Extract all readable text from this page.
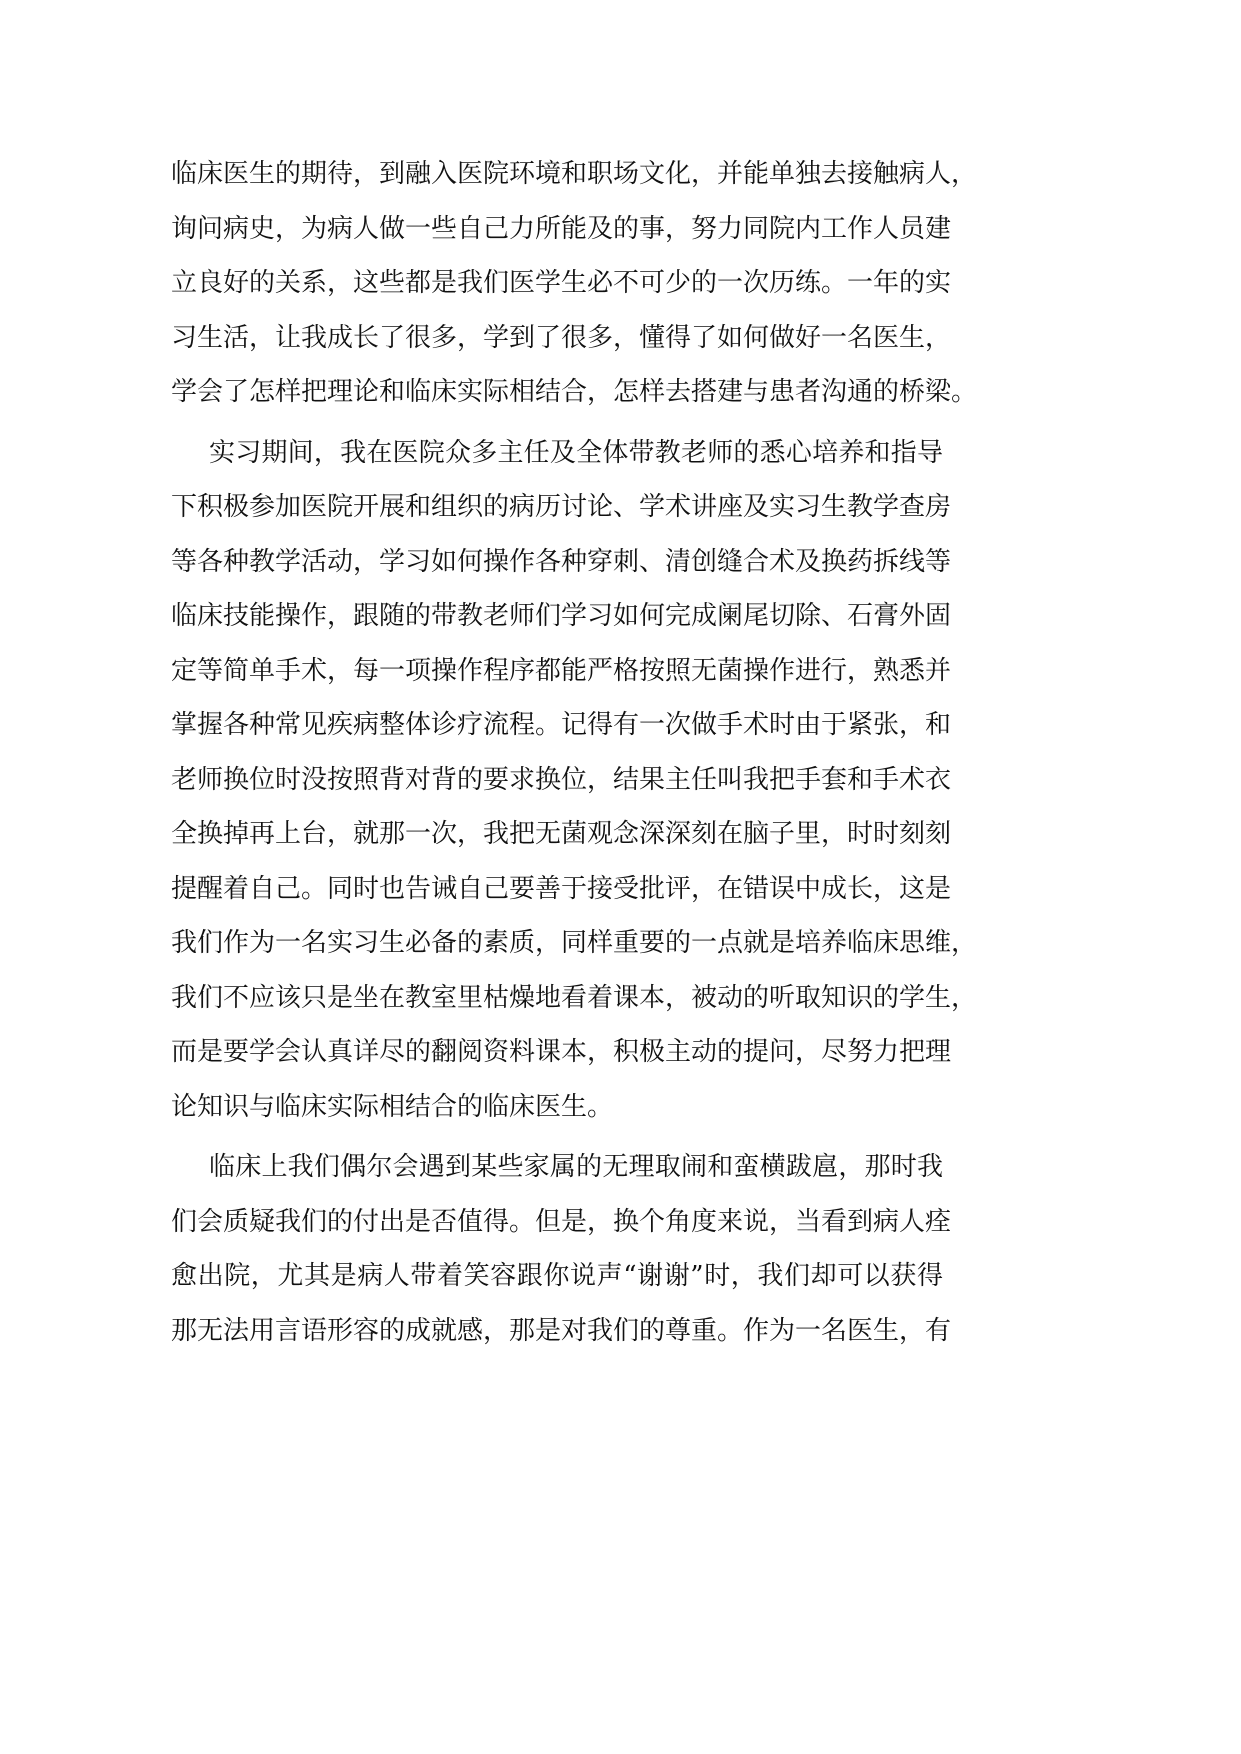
临床医生的期待，到融入医院环境和职场文化，并能单独去接触病人，
询问病史，为病人做一些自己力所能及的事，努力同院内工作人员建
立良好的关系，这些都是我们医学生必不可少的一次历练。一年的实
习生活，让我成长了很多，学到了很多，懂得了如何做好一名医生，
学会了怎样把理论和临床实际相结合，怎样去搭建与患者沟通的桥梁。
实习期间，我在医院众多主任及全体带教老师的悉心培养和指导
下积极参加医院开展和组织的病历讨论、学术讲座及实习生教学查房
等各种教学活动，学习如何操作各种穿刺、清创缝合术及换药拆线等
临床技能操作，跟随的带教老师们学习如何完成阑尾切除、石膏外固
定等简单手术，每一项操作程序都能严格按照无菌操作进行，熟悉并
掌握各种常见疾病整体诊疗流程。记得有一次做手术时由于紧张，和
老师换位时没按照背对背的要求换位，结果主任叫我把手套和手术衣
全换掉再上台，就那一次，我把无菌观念深深刻在脑子里，时时刻刻
提醒着自己。同时也告诫自己要善于接受批评，在错误中成长，这是
我们作为一名实习生必备的素质，同样重要的一点就是培养临床思维，
我们不应该只是坐在教室里枯燥地看着课本，被动的听取知识的学生，
而是要学会认真详尽的翻阅资料课本，积极主动的提问，尽努力把理
论知识与临床实际相结合的临床医生。
临床上我们偶尔会遇到某些家属的无理取闹和蛮横跋扈，那时我
们会质疑我们的付出是否值得。但是，换个角度来说，当看到病人痊
愈出院，尤其是病人带着笑容跟你说声“谢谢”时，我们却可以获得
那无法用言语形容的成就感，那是对我们的尊重。作为一名医生，有
